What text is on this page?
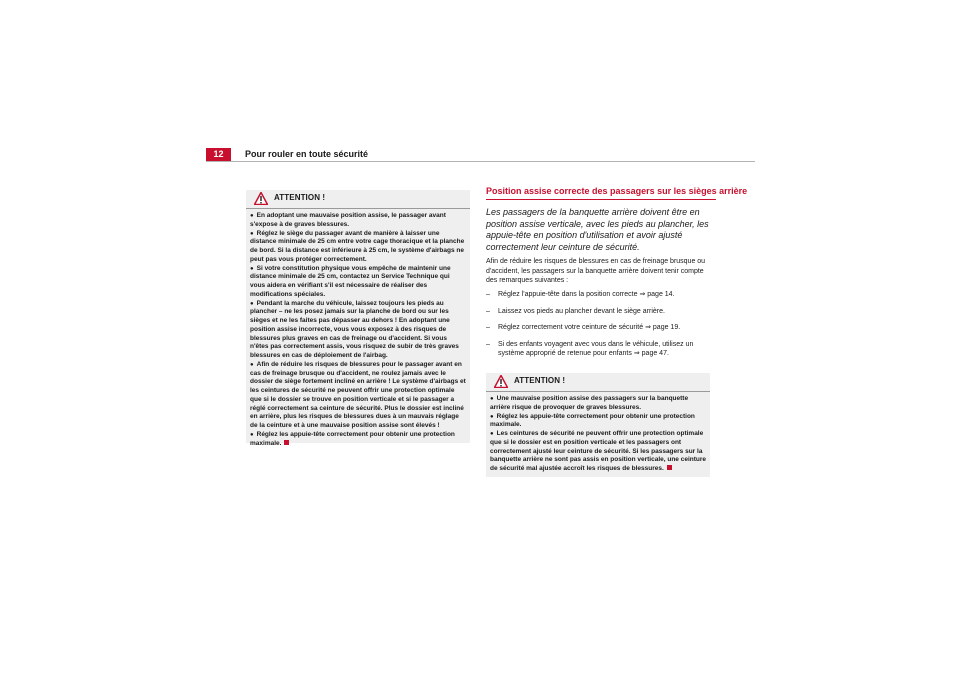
12	Pour rouler en toute sécurité
ATTENTION !
● En adoptant une mauvaise position assise, le passager avant s'expose à de graves blessures.
● Réglez le siège du passager avant de manière à laisser une distance minimale de 25 cm entre votre cage thoracique et la planche de bord. Si la distance est inférieure à 25 cm, le système d'airbags ne peut pas vous protéger correctement.
● Si votre constitution physique vous empêche de maintenir une distance minimale de 25 cm, contactez un Service Technique qui vous aidera en vérifiant s'il est nécessaire de réaliser des modifications spéciales.
● Pendant la marche du véhicule, laissez toujours les pieds au plancher – ne les posez jamais sur la planche de bord ou sur les sièges et ne les faites pas dépasser au dehors ! En adoptant une position assise incorrecte, vous vous exposez à des risques de blessures plus graves en cas de freinage ou d'accident. Si vous n'êtes pas correctement assis, vous risquez de subir de très graves blessures en cas de déploiement de l'airbag.
● Afin de réduire les risques de blessures pour le passager avant en cas de freinage brusque ou d'accident, ne roulez jamais avec le dossier de siège fortement incliné en arrière ! Le système d'airbags et les ceintures de sécurité ne peuvent offrir une protection optimale que si le dossier se trouve en position verticale et si le passager a réglé correctement sa ceinture de sécurité. Plus le dossier est incliné en arrière, plus les risques de blessures dues à un mauvais réglage de la ceinture et à une mauvaise position assise sont élevés !
● Réglez les appuie-tête correctement pour obtenir une protection maximale.
Position assise correcte des passagers sur les sièges arrière
Les passagers de la banquette arrière doivent être en position assise verticale, avec les pieds au plancher, les appuie-tête en position d'utilisation et avoir ajusté correctement leur ceinture de sécurité.
Afin de réduire les risques de blessures en cas de freinage brusque ou d'accident, les passagers sur la banquette arrière doivent tenir compte des remarques suivantes :
– Réglez l'appuie-tête dans la position correcte ⇒ page 14.
– Laissez vos pieds au plancher devant le siège arrière.
– Réglez correctement votre ceinture de sécurité ⇒ page 19.
– Si des enfants voyagent avec vous dans le véhicule, utilisez un système approprié de retenue pour enfants ⇒ page 47.
ATTENTION !
● Une mauvaise position assise des passagers sur la banquette arrière risque de provoquer de graves blessures.
● Réglez les appuie-tête correctement pour obtenir une protection maximale.
● Les ceintures de sécurité ne peuvent offrir une protection optimale que si le dossier est en position verticale et les passagers ont correctement ajusté leur ceinture de sécurité. Si les passagers sur la banquette arrière ne sont pas assis en position verticale, une ceinture de sécurité mal ajustée accroît les risques de blessures.
